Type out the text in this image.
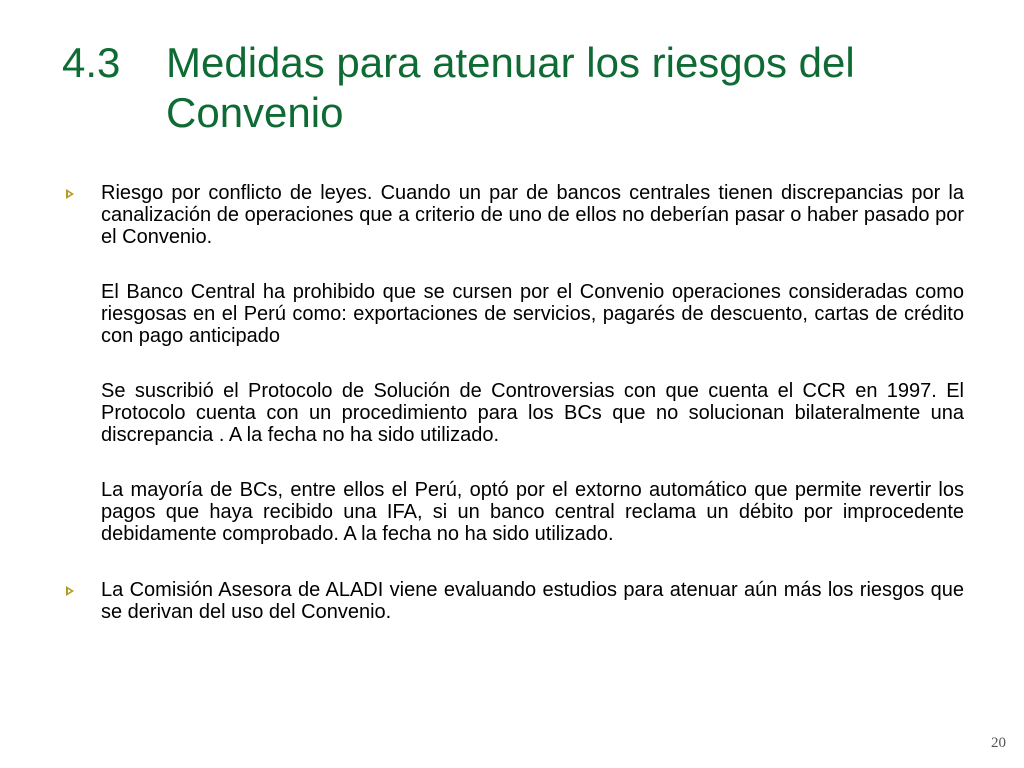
4.3	Medidas para atenuar los riesgos del Convenio

Riesgo por conflicto de leyes. Cuando un par de bancos centrales tienen discrepancias por la canalización de operaciones que a criterio de uno de ellos no deberían pasar o haber pasado por el Convenio.

El Banco Central ha prohibido que se cursen por el Convenio operaciones consideradas como riesgosas en el Perú como: exportaciones de servicios, pagarés de descuento, cartas de crédito con pago anticipado

Se suscribió el Protocolo de Solución de Controversias con que cuenta el CCR en 1997. El Protocolo cuenta con un procedimiento para los BCs que no solucionan bilateralmente una discrepancia . A la fecha no ha sido utilizado.

La mayoría de BCs, entre ellos el Perú, optó por el extorno automático que permite revertir los pagos que haya recibido una IFA, si un banco central reclama un débito por improcedente debidamente comprobado. A la fecha no ha sido utilizado.

La Comisión Asesora de ALADI viene evaluando estudios para atenuar aún más los riesgos que se derivan del uso del Convenio.

20
